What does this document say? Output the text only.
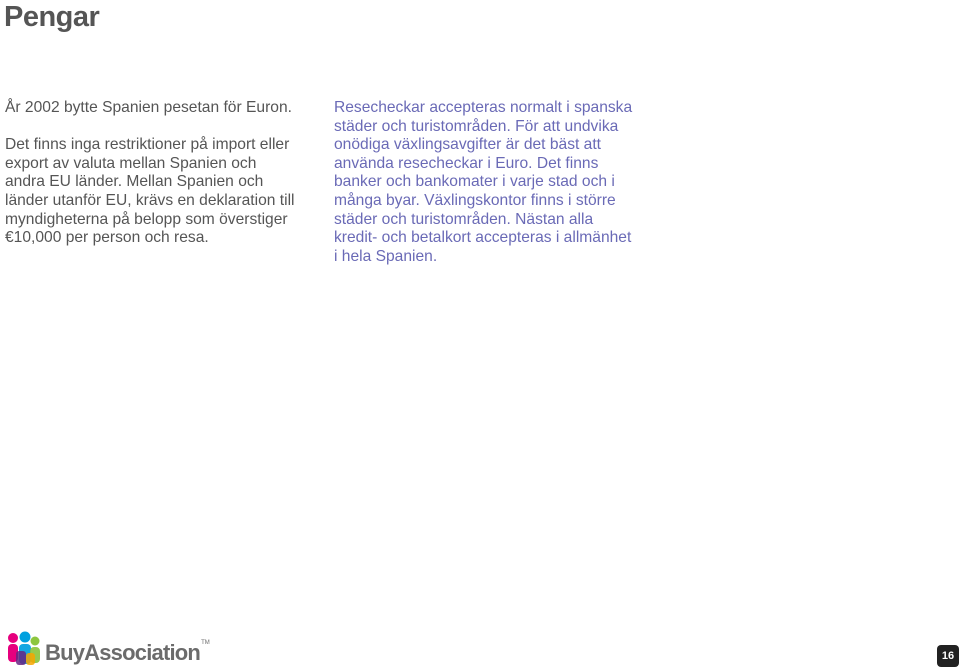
Pengar

År 2002 bytte Spanien pesetan för Euron.

Det finns inga restriktioner på import eller export av valuta mellan Spanien och andra EU länder. Mellan Spanien och länder utanför EU, krävs en deklaration till myndigheterna på belopp som överstiger €10,000 per person och resa.

Resecheckar accepteras normalt i spanska städer och turistområden. För att undvika onödiga växlingsavgifter är det bäst att använda resecheckar i Euro. Det finns banker och bankomater i varje stad och i många byar. Växlingskontor finns i större städer och turistområden. Nästan alla kredit- och betalkort accepteras i allmänhet i hela Spanien.

BuyAssociation TM
16
